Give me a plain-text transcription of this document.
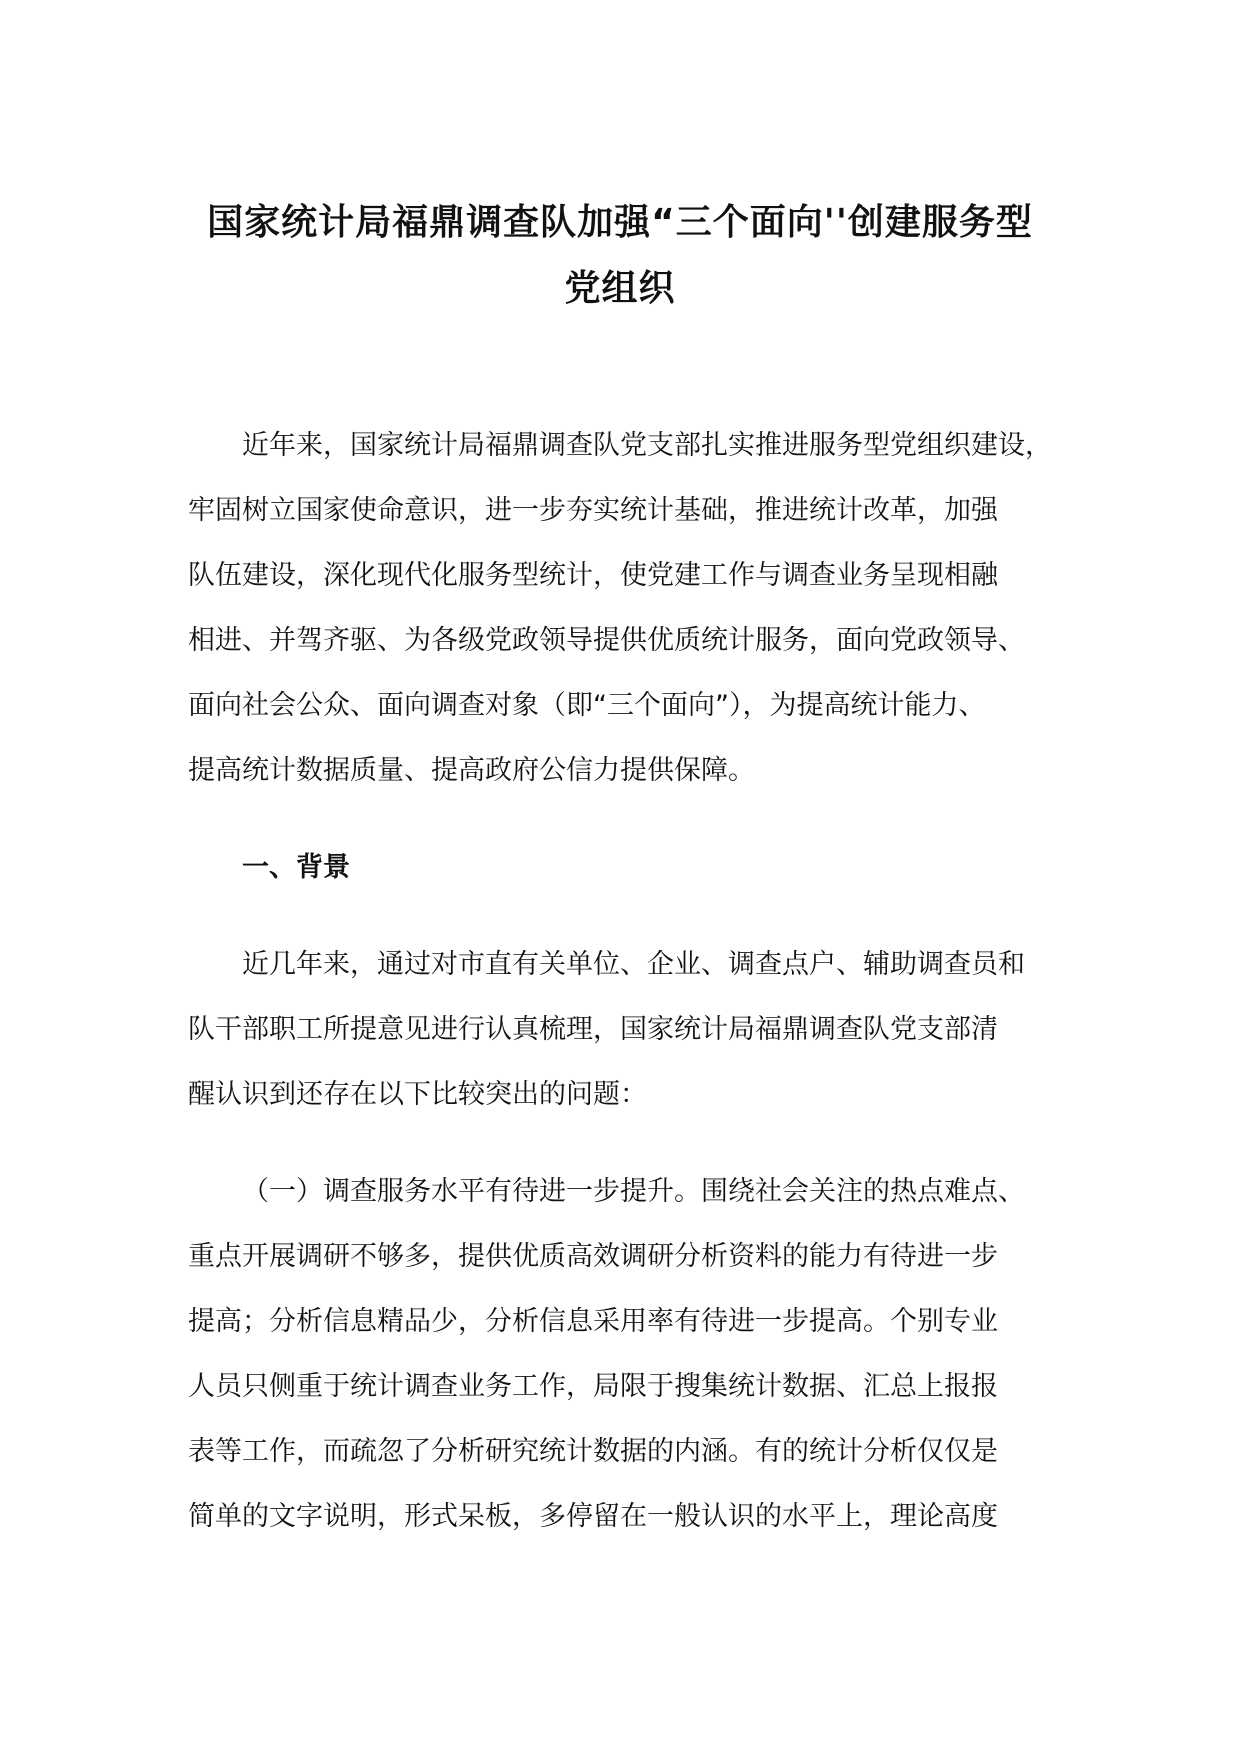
国家统计局福鼎调查队加强“三个面向''创建服务型
党组织

近年来，国家统计局福鼎调查队党支部扎实推进服务型党组织建设，
牢固树立国家使命意识，进一步夯实统计基础，推进统计改革，加强
队伍建设，深化现代化服务型统计，使党建工作与调查业务呈现相融
相进、并驾齐驱、为各级党政领导提供优质统计服务，面向党政领导、
面向社会公众、面向调查对象（即“三个面向”），为提高统计能力、
提高统计数据质量、提高政府公信力提供保障。

一、背景

近几年来，通过对市直有关单位、企业、调查点户、辅助调查员和
队干部职工所提意见进行认真梳理，国家统计局福鼎调查队党支部清
醒认识到还存在以下比较突出的问题：

（一）调查服务水平有待进一步提升。围绕社会关注的热点难点、
重点开展调研不够多，提供优质高效调研分析资料的能力有待进一步
提高；分析信息精品少，分析信息采用率有待进一步提高。个别专业
人员只侧重于统计调查业务工作，局限于搜集统计数据、汇总上报报
表等工作，而疏忽了分析研究统计数据的内涵。有的统计分析仅仅是
简单的文字说明，形式呆板，多停留在一般认识的水平上，理论高度
